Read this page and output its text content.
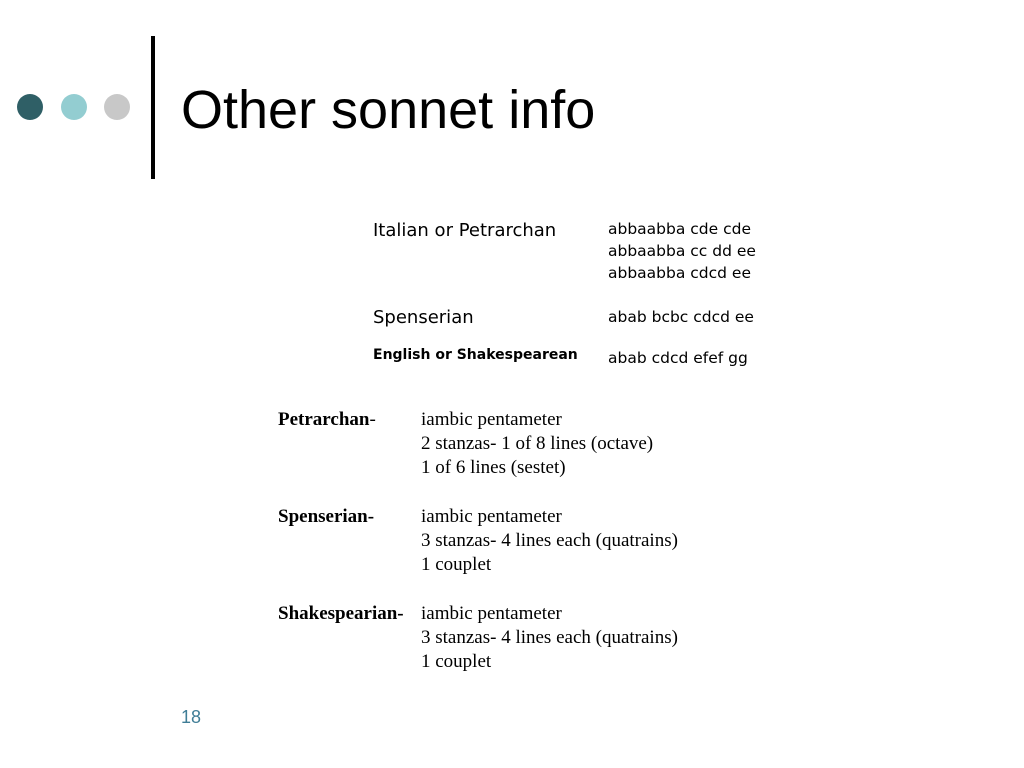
Other sonnet info
Italian or Petrarchan	abbaabba cde cde
abbaabba cc dd ee
abbaabba cdcd ee
Spenserian	abab bcbc cdcd ee
English or Shakespearean abab cdcd efef gg
Petrarchan- iambic pentameter
2 stanzas- 1 of 8 lines (octave)
1 of 6 lines (sestet)
Spenserian- iambic pentameter
3 stanzas- 4 lines each (quatrains)
1 couplet
Shakespearian- iambic pentameter
3 stanzas- 4 lines each (quatrains)
1 couplet
18
